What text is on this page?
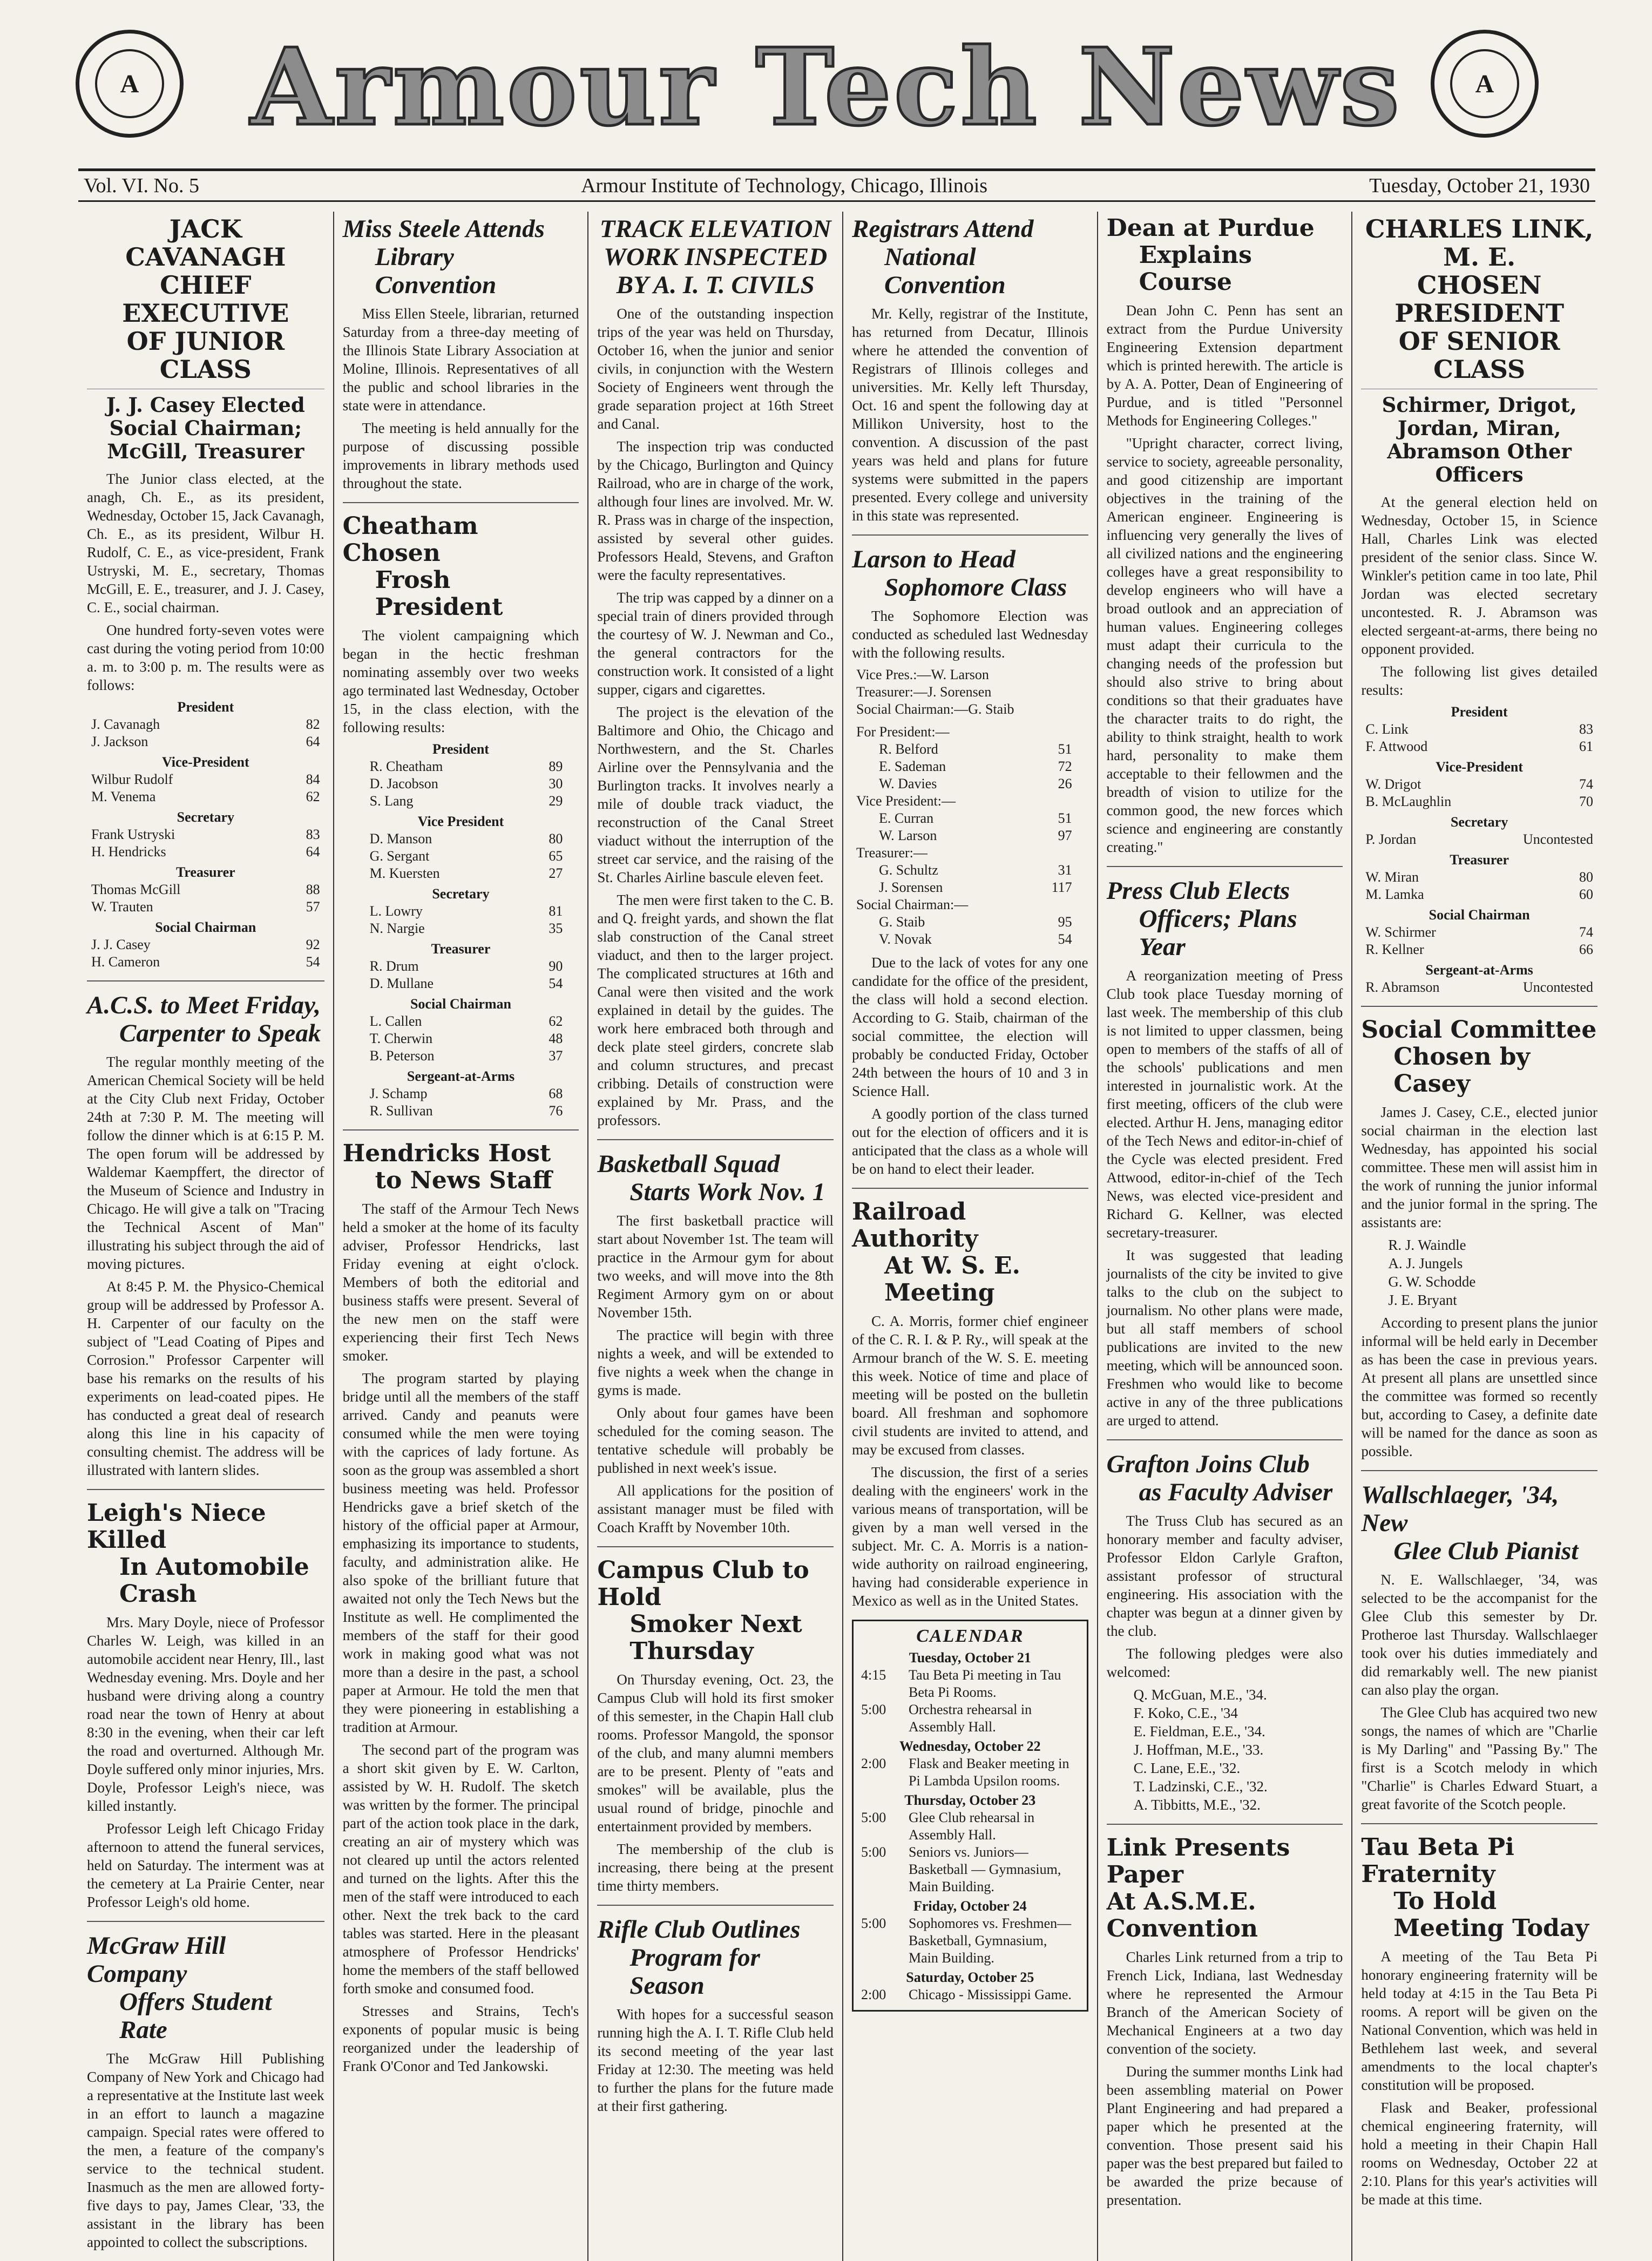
A	Armour Tech News	A
Vol. VI. No. 5	Armour Institute of Technology, Chicago, Illinois	Tuesday, October 21, 1930
JACK CAVANAGH
CHIEF EXECUTIVE
OF JUNIOR CLASS
J. J. Casey Elected Social Chairman; McGill, Treasurer

The Junior class elected, at the anagh, Ch. E., as its president, Wednesday, October 15, Jack Cavanagh, Ch. E., as its president, Wilbur H. Rudolf, C. E., as vice-president, Frank Ustryski, M. E., secretary, Thomas McGill, E. E., treasurer, and J. J. Casey, C. E., social chairman.

One hundred forty-seven votes were cast during the voting period from 10:00 a. m. to 3:00 p. m. The results were as follows:

President
J. Cavanagh	82
J. Jackson	64
Vice-President
Wilbur Rudolf	84
M. Venema	62
Secretary
Frank Ustryski	83
H. Hendricks	64
Treasurer
Thomas McGill	88
W. Trauten	57
Social Chairman
J. J. Casey	92
H. Cameron	54
A.C.S. to Meet Friday,

Carpenter to Speak

The regular monthly meeting of the American Chemical Society will be held at the City Club next Friday, October 24th at 7:30 P. M. The meeting will follow the dinner which is at 6:15 P. M. The open forum will be addressed by Waldemar Kaempffert, the director of the Museum of Science and Industry in Chicago. He will give a talk on "Tracing the Technical Ascent of Man" illustrating his subject through the aid of moving pictures.

At 8:45 P. M. the Physico-Chemical group will be addressed by Professor A. H. Carpenter of our faculty on the subject of "Lead Coating of Pipes and Corrosion." Professor Carpenter will base his remarks on the results of his experiments on lead-coated pipes. He has conducted a great deal of research along this line in his capacity of consulting chemist. The address will be illustrated with lantern slides.

Leigh's Niece Killed

In Automobile Crash

Mrs. Mary Doyle, niece of Professor Charles W. Leigh, was killed in an automobile accident near Henry, Ill., last Wednesday evening. Mrs. Doyle and her husband were driving along a country road near the town of Henry at about 8:30 in the evening, when their car left the road and overturned. Although Mr. Doyle suffered only minor injuries, Mrs. Doyle, Professor Leigh's niece, was killed instantly.

Professor Leigh left Chicago Friday afternoon to attend the funeral services, held on Saturday. The interment was at the cemetery at La Prairie Center, near Professor Leigh's old home.

McGraw Hill Company

Offers Student Rate

The McGraw Hill Publishing Company of New York and Chicago had a representative at the Institute last week in an effort to launch a magazine campaign. Special rates were offered to the men, a feature of the company's service to the technical student. Inasmuch as the men are allowed forty-five days to pay, James Clear, '33, the assistant in the library has been appointed to collect the subscriptions.

Miss Steele Attends

Library Convention

Miss Ellen Steele, librarian, returned Saturday from a three-day meeting of the Illinois State Library Association at Moline, Illinois. Representatives of all the public and school libraries in the state were in attendance.

The meeting is held annually for the purpose of discussing possible improvements in library methods used throughout the state.

Cheatham Chosen

Frosh President

The violent campaigning which began in the hectic freshman nominating assembly over two weeks ago terminated last Wednesday, October 15, in the class election, with the following results:

President
R. Cheatham	89
D. Jacobson	30
S. Lang	29
Vice President
D. Manson	80
G. Sergant	65
M. Kuersten	27
Secretary
L. Lowry	81
N. Nargie	35
Treasurer
R. Drum	90
D. Mullane	54
Social Chairman
L. Callen	62
T. Cherwin	48
B. Peterson	37
Sergeant-at-Arms
J. Schamp	68
R. Sullivan	76
Hendricks Host

to News Staff

The staff of the Armour Tech News held a smoker at the home of its faculty adviser, Professor Hendricks, last Friday evening at eight o'clock. Members of both the editorial and business staffs were present. Several of the new men on the staff were experiencing their first Tech News smoker.

The program started by playing bridge until all the members of the staff arrived. Candy and peanuts were consumed while the men were toying with the caprices of lady fortune. As soon as the group was assembled a short business meeting was held. Professor Hendricks gave a brief sketch of the history of the official paper at Armour, emphasizing its importance to students, faculty, and administration alike. He also spoke of the brilliant future that awaited not only the Tech News but the Institute as well. He complimented the members of the staff for their good work in making good what was not more than a desire in the past, a school paper at Armour. He told the men that they were pioneering in establishing a tradition at Armour.

The second part of the program was a short skit given by E. W. Carlton, assisted by W. H. Rudolf. The sketch was written by the former. The principal part of the action took place in the dark, creating an air of mystery which was not cleared up until the actors relented and turned on the lights. After this the men of the staff were introduced to each other. Next the trek back to the card tables was started. Here in the pleasant atmosphere of Professor Hendricks' home the members of the staff bellowed forth smoke and consumed food.

Stresses and Strains, Tech's exponents of popular music is being reorganized under the leadership of Frank O'Conor and Ted Jankowski.

TRACK ELEVATION
WORK INSPECTED
BY A. I. T. CIVILS

One of the outstanding inspection trips of the year was held on Thursday, October 16, when the junior and senior civils, in conjunction with the Western Society of Engineers went through the grade separation project at 16th Street and Canal.

The inspection trip was conducted by the Chicago, Burlington and Quincy Railroad, who are in charge of the work, although four lines are involved. Mr. W. R. Prass was in charge of the inspection, assisted by several other guides. Professors Heald, Stevens, and Grafton were the faculty representatives.

The trip was capped by a dinner on a special train of diners provided through the courtesy of W. J. Newman and Co., the general contractors for the construction work. It consisted of a light supper, cigars and cigarettes.

The project is the elevation of the Baltimore and Ohio, the Chicago and Northwestern, and the St. Charles Airline over the Pennsylvania and the Burlington tracks. It involves nearly a mile of double track viaduct, the reconstruction of the Canal Street viaduct without the interruption of the street car service, and the raising of the St. Charles Airline bascule eleven feet.

The men were first taken to the C. B. and Q. freight yards, and shown the flat slab construction of the Canal street viaduct, and then to the larger project. The complicated structures at 16th and Canal were then visited and the work explained in detail by the guides. The work here embraced both through and deck plate steel girders, concrete slab and column structures, and precast cribbing. Details of construction were explained by Mr. Prass, and the professors.

Basketball Squad

Starts Work Nov. 1

The first basketball practice will start about November 1st. The team will practice in the Armour gym for about two weeks, and will move into the 8th Regiment Armory gym on or about November 15th.

The practice will begin with three nights a week, and will be extended to five nights a week when the change in gyms is made.

Only about four games have been scheduled for the coming season. The tentative schedule will probably be published in next week's issue.

All applications for the position of assistant manager must be filed with Coach Krafft by November 10th.

Campus Club to Hold

Smoker Next Thursday

On Thursday evening, Oct. 23, the Campus Club will hold its first smoker of this semester, in the Chapin Hall club rooms. Professor Mangold, the sponsor of the club, and many alumni members are to be present. Plenty of "eats and smokes" will be available, plus the usual round of bridge, pinochle and entertainment provided by members.

The membership of the club is increasing, there being at the present time thirty members.

Rifle Club Outlines

Program for Season

With hopes for a successful season running high the A. I. T. Rifle Club held its second meeting of the year last Friday at 12:30. The meeting was held to further the plans for the future made at their first gathering.

Registrars Attend

National Convention

Mr. Kelly, registrar of the Institute, has returned from Decatur, Illinois where he attended the convention of Registrars of Illinois colleges and universities. Mr. Kelly left Thursday, Oct. 16 and spent the following day at Millikon University, host to the convention. A discussion of the past years was held and plans for future systems were submitted in the papers presented. Every college and university in this state was represented.

Larson to Head

Sophomore Class

The Sophomore Election was conducted as scheduled last Wednesday with the following results.

Vice Pres.:—W. Larson
Treasurer:—J. Sorensen
Social Chairman:—G. Staib
For President:—
R. Belford	51
E. Sademan	72
W. Davies	26
Vice President:—
E. Curran	51
W. Larson	97
Treasurer:—
G. Schultz	31
J. Sorensen	117
Social Chairman:—
G. Staib	95
V. Novak	54

Due to the lack of votes for any one candidate for the office of the president, the class will hold a second election. According to G. Staib, chairman of the social committee, the election will probably be conducted Friday, October 24th between the hours of 10 and 3 in Science Hall.

A goodly portion of the class turned out for the election of officers and it is anticipated that the class as a whole will be on hand to elect their leader.

Railroad Authority

At W. S. E. Meeting

C. A. Morris, former chief engineer of the C. R. I. & P. Ry., will speak at the Armour branch of the W. S. E. meeting this week. Notice of time and place of meeting will be posted on the bulletin board. All freshman and sophomore civil students are invited to attend, and may be excused from classes.

The discussion, the first of a series dealing with the engineers' work in the various means of transportation, will be given by a man well versed in the subject. Mr. C. A. Morris is a nation-wide authority on railroad engineering, having had considerable experience in Mexico as well as in the United States.

CALENDAR
Tuesday, October 21
4:15	Tau Beta Pi meeting in Tau Beta Pi Rooms.
5:00	Orchestra rehearsal in Assembly Hall.
Wednesday, October 22
2:00	Flask and Beaker meeting in Pi Lambda Upsilon rooms.
Thursday, October 23
5:00	Glee Club rehearsal in Assembly Hall.
5:00	Seniors vs. Juniors—Basketball — Gymnasium, Main Building.
Friday, October 24
5:00	Sophomores vs. Freshmen—Basketball, Gymnasium, Main Building.
Saturday, October 25
2:00	Chicago - Mississippi Game.
Dean at Purdue

Explains Course

Dean John C. Penn has sent an extract from the Purdue University Engineering Extension department which is printed herewith. The article is by A. A. Potter, Dean of Engineering of Purdue, and is titled "Personnel Methods for Engineering Colleges."

"Upright character, correct living, service to society, agreeable personality, and good citizenship are important objectives in the training of the American engineer. Engineering is influencing very generally the lives of all civilized nations and the engineering colleges have a great responsibility to develop engineers who will have a broad outlook and an appreciation of human values. Engineering colleges must adapt their curricula to the changing needs of the profession but should also strive to bring about conditions so that their graduates have the character traits to do right, the ability to think straight, health to work hard, personality to make them acceptable to their fellowmen and the breadth of vision to utilize for the common good, the new forces which science and engineering are constantly creating."

Press Club Elects

Officers; Plans Year

A reorganization meeting of Press Club took place Tuesday morning of last week. The membership of this club is not limited to upper classmen, being open to members of the staffs of all of the schools' publications and men interested in journalistic work. At the first meeting, officers of the club were elected. Arthur H. Jens, managing editor of the Tech News and editor-in-chief of the Cycle was elected president. Fred Attwood, editor-in-chief of the Tech News, was elected vice-president and Richard G. Kellner, was elected secretary-treasurer.

It was suggested that leading journalists of the city be invited to give talks to the club on the subject to journalism. No other plans were made, but all staff members of school publications are invited to the new meeting, which will be announced soon. Freshmen who would like to become active in any of the three publications are urged to attend.

Grafton Joins Club

as Faculty Adviser

The Truss Club has secured as an honorary member and faculty adviser, Professor Eldon Carlyle Grafton, assistant professor of structural engineering. His association with the chapter was begun at a dinner given by the club.

The following pledges were also welcomed:

Q. McGuan, M.E., '34.
F. Koko, C.E., '34
E. Fieldman, E.E., '34.
J. Hoffman, M.E., '33.
C. Lane, E.E., '32.
T. Ladzinski, C.E., '32.
A. Tibbitts, M.E., '32.
Link Presents Paper
At A.S.M.E. Convention

Charles Link returned from a trip to French Lick, Indiana, last Wednesday where he represented the Armour Branch of the American Society of Mechanical Engineers at a two day convention of the society.

During the summer months Link had been assembling material on Power Plant Engineering and had prepared a paper which he presented at the convention. Those present said his paper was the best prepared but failed to be awarded the prize because of presentation.

CHARLES LINK, M. E.
CHOSEN PRESIDENT
OF SENIOR CLASS
Schirmer, Drigot, Jordan, Miran, Abramson Other Officers

At the general election held on Wednesday, October 15, in Science Hall, Charles Link was elected president of the senior class. Since W. Winkler's petition came in too late, Phil Jordan was elected secretary uncontested. R. J. Abramson was elected sergeant-at-arms, there being no opponent provided.

The following list gives detailed results:

President
C. Link	83
F. Attwood	61
Vice-President
W. Drigot	74
B. McLaughlin	70
Secretary
P. Jordan	Uncontested
Treasurer
W. Miran	80
M. Lamka	60
Social Chairman
W. Schirmer	74
R. Kellner	66
Sergeant-at-Arms
R. Abramson	Uncontested
Social Committee

Chosen by Casey

James J. Casey, C.E., elected junior social chairman in the election last Wednesday, has appointed his social committee. These men will assist him in the work of running the junior informal and the junior formal in the spring. The assistants are:

R. J. Waindle
A. J. Jungels
G. W. Schodde
J. E. Bryant

According to present plans the junior informal will be held early in December as has been the case in previous years. At present all plans are unsettled since the committee was formed so recently but, according to Casey, a definite date will be named for the dance as soon as possible.

Wallschlaeger, '34, New

Glee Club Pianist

N. E. Wallschlaeger, '34, was selected to be the accompanist for the Glee Club this semester by Dr. Protheroe last Thursday. Wallschlaeger took over his duties immediately and did remarkably well. The new pianist can also play the organ.

The Glee Club has acquired two new songs, the names of which are "Charlie is My Darling" and "Passing By." The first is a Scotch melody in which "Charlie" is Charles Edward Stuart, a great favorite of the Scotch people.

Tau Beta Pi Fraternity

To Hold Meeting Today

A meeting of the Tau Beta Pi honorary engineering fraternity will be held today at 4:15 in the Tau Beta Pi rooms. A report will be given on the National Convention, which was held in Bethlehem last week, and several amendments to the local chapter's constitution will be proposed.

Flask and Beaker, professional chemical engineering fraternity, will hold a meeting in their Chapin Hall rooms on Wednesday, October 22 at 2:10. Plans for this year's activities will be made at this time.
